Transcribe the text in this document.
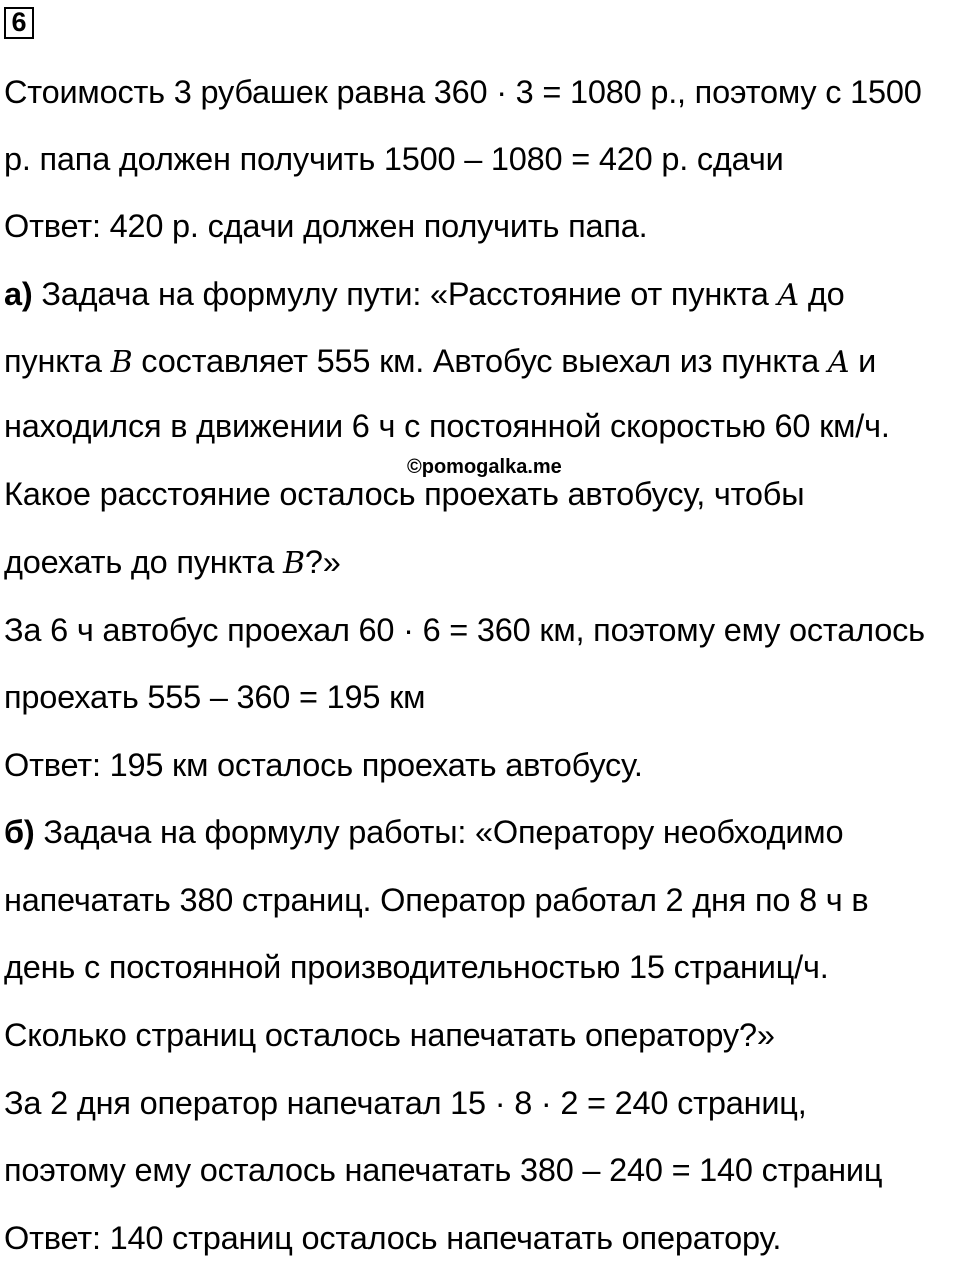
6
Стоимость 3 рубашек равна 360 · 3 = 1080 р., поэтому с 1500
р. папа должен получить 1500 – 1080 = 420 р. сдачи
Ответ: 420 р. сдачи должен получить папа.
а) Задача на формулу пути: «Расстояние от пункта A до
пункта B составляет 555 км. Автобус выехал из пункта A и
находился в движении 6 ч с постоянной скоростью 60 км/ч.
©pomogalka.me
Какое расстояние осталось проехать автобусу, чтобы
доехать до пункта B?»
За 6 ч автобус проехал 60 · 6 = 360 км, поэтому ему осталось
проехать 555 – 360 = 195 км
Ответ: 195 км осталось проехать автобусу.
б) Задача на формулу работы: «Оператору необходимо
напечатать 380 страниц. Оператор работал 2 дня по 8 ч в
день с постоянной производительностью 15 страниц/ч.
Сколько страниц осталось напечатать оператору?»
За 2 дня оператор напечатал 15 · 8 · 2 = 240 страниц,
поэтому ему осталось напечатать 380 – 240 = 140 страниц
Ответ: 140 страниц осталось напечатать оператору.
